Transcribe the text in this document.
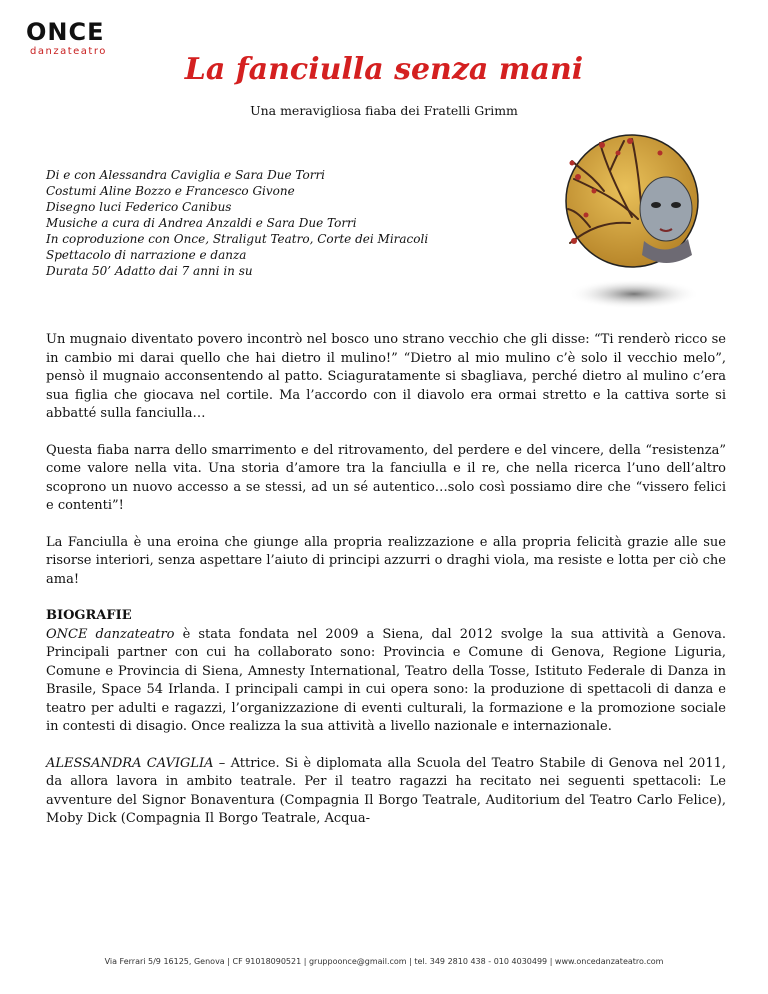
ONCE
danzateatro
La fanciulla senza mani
Una meravigliosa fiaba dei Fratelli Grimm
Di e con Alessandra Caviglia e Sara Due Torri
Costumi Aline Bozzo e Francesco Givone
Disegno luci Federico Canibus
Musiche a cura di Andrea Anzaldi e Sara Due Torri
In coproduzione con Once, Straligut Teatro, Corte dei Miracoli
Spettacolo di narrazione e danza
Durata 50’ Adatto dai 7 anni in su

Un mugnaio diventato povero incontrò nel bosco uno strano vecchio che gli disse: “Ti renderò ricco se in cambio mi darai quello che hai dietro il mulino!” “Dietro al mio mulino c’è solo il vecchio melo”, pensò il mugnaio acconsentendo al patto. Sciaguratamente si sbagliava, perché dietro al mulino c’era sua figlia che giocava nel cortile. Ma l’accordo con il diavolo era ormai stretto e la cattiva sorte si abbatté sulla fanciulla…

Questa fiaba narra dello smarrimento e del ritrovamento, del perdere e del vincere, della “resistenza” come valore nella vita. Una storia d’amore tra la fanciulla e il re, che nella ricerca l’uno dell’altro scoprono un nuovo accesso a se stessi, ad un sé autentico…solo così possiamo dire che “vissero felici e contenti”!

La Fanciulla è una eroina che giunge alla propria realizzazione e alla propria felicità grazie alle sue risorse interiori, senza aspettare l’aiuto di principi azzurri o draghi viola, ma resiste e lotta per ciò che ama!

BIOGRAFIE

ONCE danzateatro è stata fondata nel 2009 a Siena, dal 2012 svolge la sua attività a Genova. Principali partner con cui ha collaborato sono: Provincia e Comune di Genova, Regione Liguria, Comune e Provincia di Siena, Amnesty International, Teatro della Tosse, Istituto Federale di Danza in Brasile, Space 54 Irlanda. I principali campi in cui opera sono: la produzione di spettacoli di danza e teatro per adulti e ragazzi, l’organizzazione di eventi culturali, la formazione e la promozione sociale in contesti di disagio. Once realizza la sua attività a livello nazionale e internazionale.

ALESSANDRA CAVIGLIA – Attrice. Si è diplomata alla Scuola del Teatro Stabile di Genova nel 2011, da allora lavora in ambito teatrale. Per il teatro ragazzi ha recitato nei seguenti spettacoli: Le avventure del Signor Bonaventura (Compagnia Il Borgo Teatrale, Auditorium del Teatro Carlo Felice), Moby Dick (Compagnia Il Borgo Teatrale, Acqua-

Via Ferrari 5/9 16125, Genova | CF 91018090521 | gruppoonce@gmail.com | tel. 349 2810 438 - 010 4030499 | www.oncedanzateatro.com
